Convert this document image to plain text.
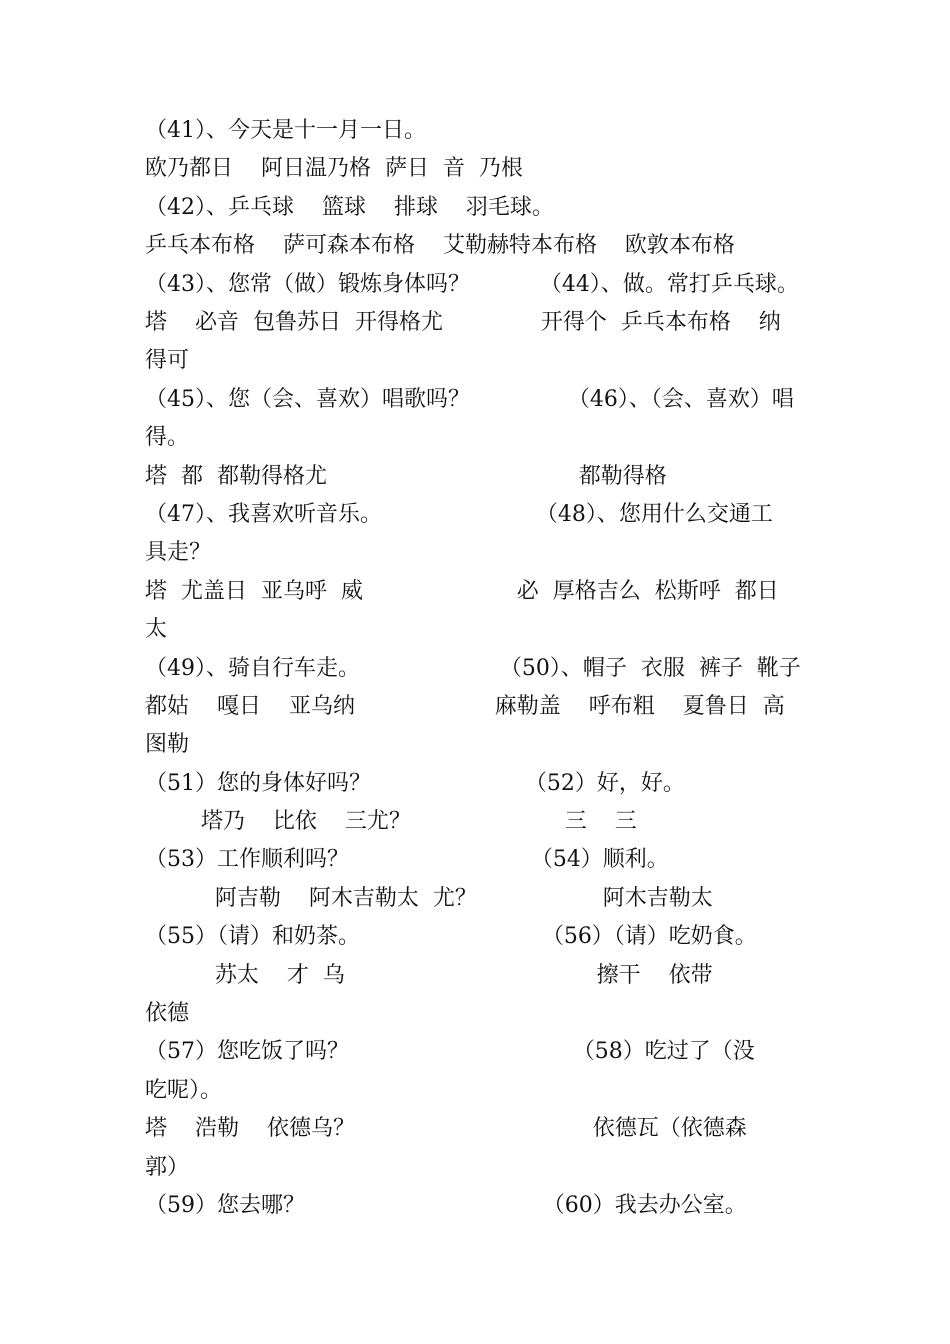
（41）、今天是十一月一日。
欧乃都日    阿日温乃格  萨日  音  乃根
（42）、乒乓球    篮球    排球    羽毛球。
乒乓本布格    萨可森本布格    艾勒赫特本布格    欧敦本布格
（43）、您常（做）锻炼身体吗？          （44）、做。常打乒乓球。
塔    必音  包鲁苏日  开得格尤              开得个  乒乓本布格    纳
得可
（45）、您（会、喜欢）唱歌吗？              （46）、（会、喜欢）唱
得。
塔  都  都勒得格尤                                    都勒得格
（47）、我喜欢听音乐。                      （48）、您用什么交通工
具走？
塔  尤盖日  亚乌呼  威                      必  厚格吉么  松斯呼  都日
太
（49）、骑自行车走。                    （50）、帽子  衣服  裤子  靴子
都姑    嘎日    亚乌纳                    麻勒盖    呼布粗    夏鲁日  高
图勒
（51）您的身体好吗？                      （52）好，好。
塔乃    比依    三尤？                      三    三
（53）工作顺利吗？                          （54）顺利。
阿吉勒    阿木吉勒太  尤？                  阿木吉勒太
（55）（请）和奶茶。                          （56）（请）吃奶食。
苏太    才  乌                                    擦干    依带
依德
（57）您吃饭了吗？                                （58）吃过了（没
吃呢）。
塔    浩勒    依德乌？                                  依德瓦（依德森
郭）
（59）您去哪？                                  （60）我去办公室。
